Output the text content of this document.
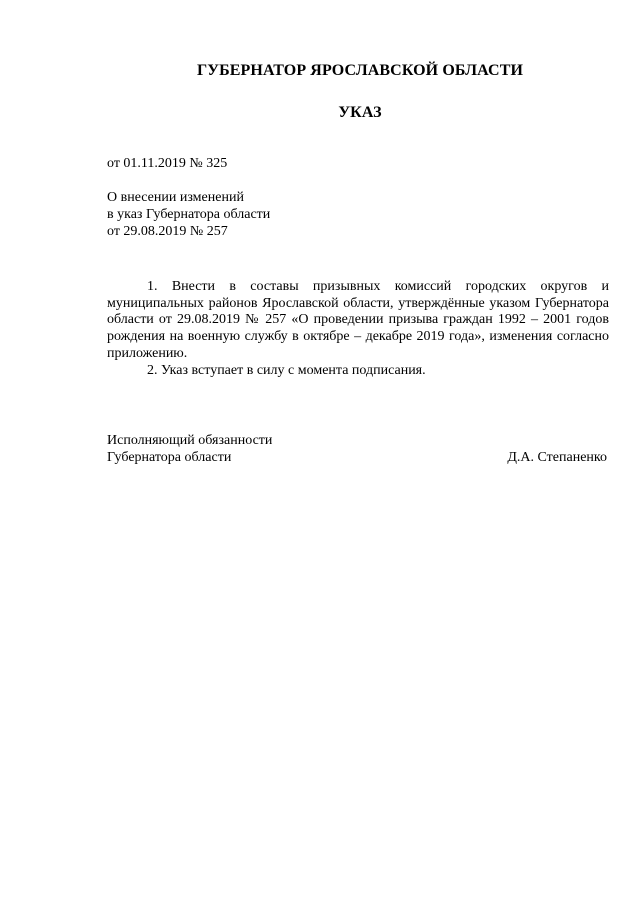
ГУБЕРНАТОР ЯРОСЛАВСКОЙ ОБЛАСТИ
УКАЗ
от 01.11.2019 № 325
О внесении изменений
в указ Губернатора области
от 29.08.2019 № 257

1. Внести в составы призывных комиссий городских округов и муниципальных районов Ярославской области, утверждённые указом Губернатора области от 29.08.2019 № 257 «О проведении призыва граждан 1992 – 2001 годов рождения на военную службу в октябре – декабре 2019 года», изменения согласно приложению.

2. Указ вступает в силу с момента подписания.

Исполняющий обязанности
Губернатора области	Д.А. Степаненко
